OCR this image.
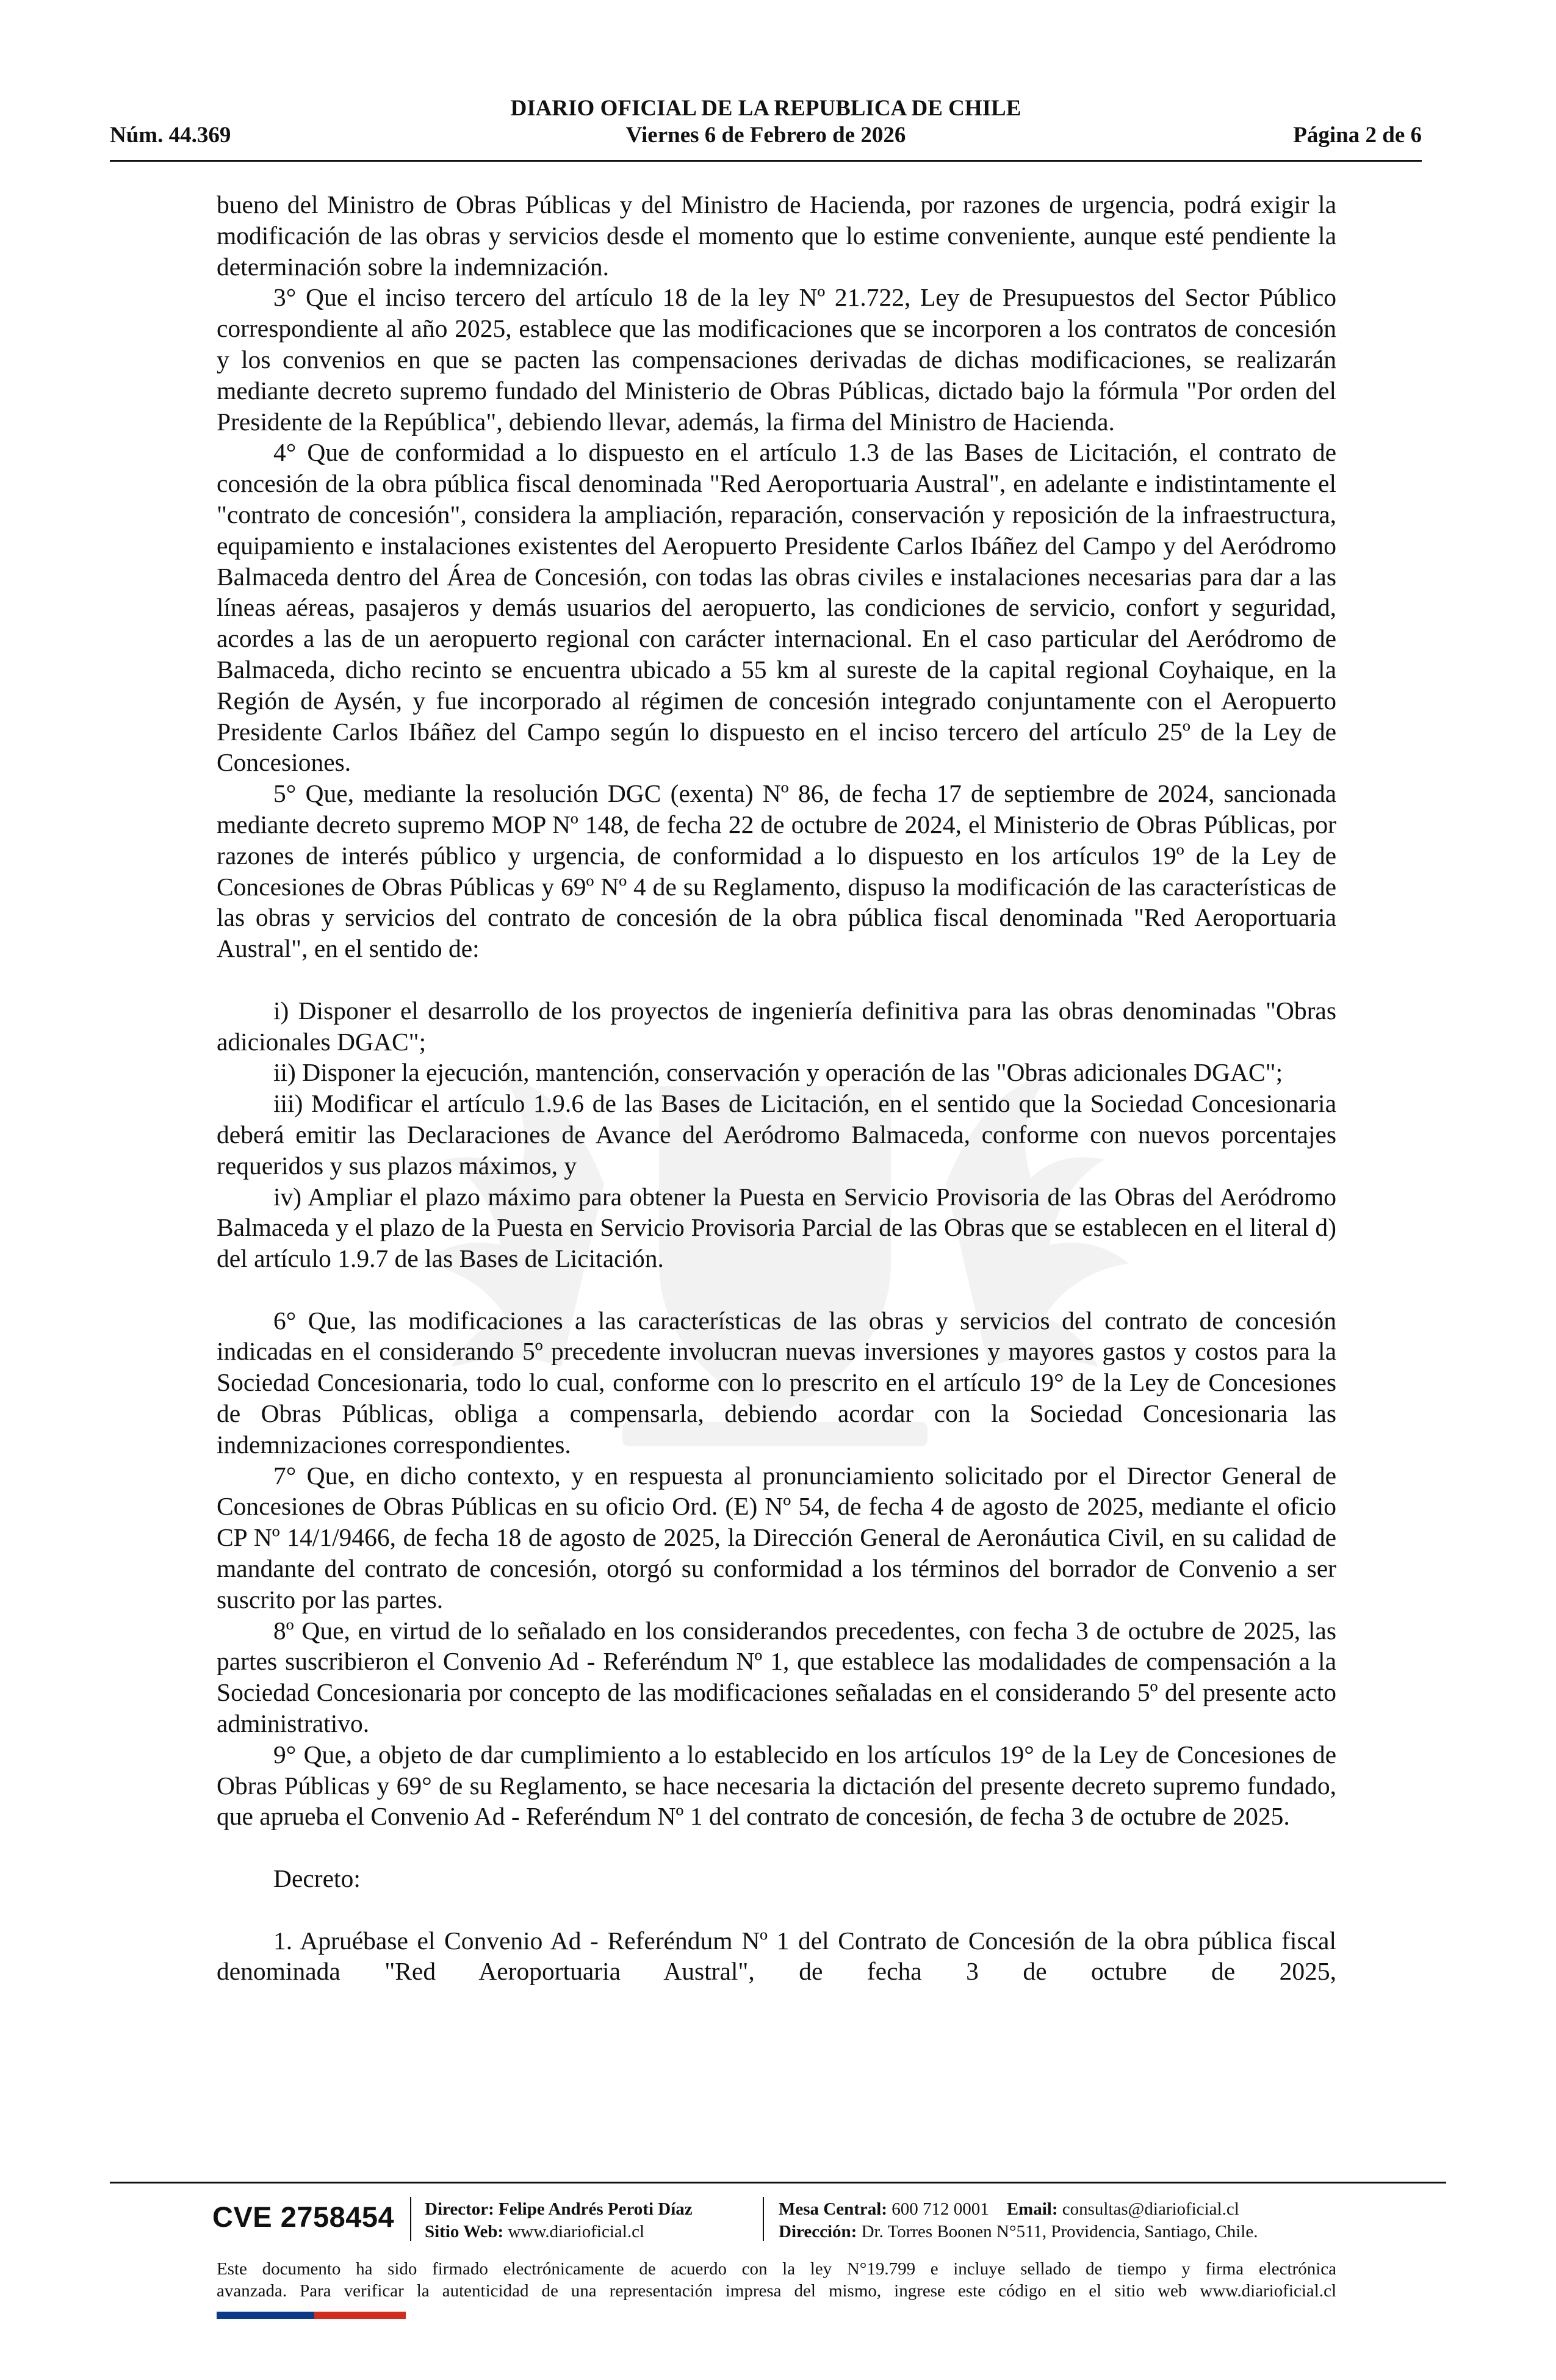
DIARIO OFICIAL DE LA REPUBLICA DE CHILE
Núm. 44.369	Viernes 6 de Febrero de 2026	Página 2 de 6

bueno del Ministro de Obras Públicas y del Ministro de Hacienda, por razones de urgencia, podrá exigir la modificación de las obras y servicios desde el momento que lo estime conveniente, aunque esté pendiente la determinación sobre la indemnización.

3° Que el inciso tercero del artículo 18 de la ley Nº 21.722, Ley de Presupuestos del Sector Público correspondiente al año 2025, establece que las modificaciones que se incorporen a los contratos de concesión y los convenios en que se pacten las compensaciones derivadas de dichas modificaciones, se realizarán mediante decreto supremo fundado del Ministerio de Obras Públicas, dictado bajo la fórmula "Por orden del Presidente de la República", debiendo llevar, además, la firma del Ministro de Hacienda.

4° Que de conformidad a lo dispuesto en el artículo 1.3 de las Bases de Licitación, el contrato de concesión de la obra pública fiscal denominada "Red Aeroportuaria Austral", en adelante e indistintamente el "contrato de concesión", considera la ampliación, reparación, conservación y reposición de la infraestructura, equipamiento e instalaciones existentes del Aeropuerto Presidente Carlos Ibáñez del Campo y del Aeródromo Balmaceda dentro del Área de Concesión, con todas las obras civiles e instalaciones necesarias para dar a las líneas aéreas, pasajeros y demás usuarios del aeropuerto, las condiciones de servicio, confort y seguridad, acordes a las de un aeropuerto regional con carácter internacional. En el caso particular del Aeródromo de Balmaceda, dicho recinto se encuentra ubicado a 55 km al sureste de la capital regional Coyhaique, en la Región de Aysén, y fue incorporado al régimen de concesión integrado conjuntamente con el Aeropuerto Presidente Carlos Ibáñez del Campo según lo dispuesto en el inciso tercero del artículo 25º de la Ley de Concesiones.

5° Que, mediante la resolución DGC (exenta) Nº 86, de fecha 17 de septiembre de 2024, sancionada mediante decreto supremo MOP Nº 148, de fecha 22 de octubre de 2024, el Ministerio de Obras Públicas, por razones de interés público y urgencia, de conformidad a lo dispuesto en los artículos 19º de la Ley de Concesiones de Obras Públicas y 69º Nº 4 de su Reglamento, dispuso la modificación de las características de las obras y servicios del contrato de concesión de la obra pública fiscal denominada "Red Aeroportuaria Austral", en el sentido de:

i) Disponer el desarrollo de los proyectos de ingeniería definitiva para las obras denominadas "Obras adicionales DGAC";

ii) Disponer la ejecución, mantención, conservación y operación de las "Obras adicionales DGAC";

iii) Modificar el artículo 1.9.6 de las Bases de Licitación, en el sentido que la Sociedad Concesionaria deberá emitir las Declaraciones de Avance del Aeródromo Balmaceda, conforme con nuevos porcentajes requeridos y sus plazos máximos, y

iv) Ampliar el plazo máximo para obtener la Puesta en Servicio Provisoria de las Obras del Aeródromo Balmaceda y el plazo de la Puesta en Servicio Provisoria Parcial de las Obras que se establecen en el literal d) del artículo 1.9.7 de las Bases de Licitación.

6° Que, las modificaciones a las características de las obras y servicios del contrato de concesión indicadas en el considerando 5º precedente involucran nuevas inversiones y mayores gastos y costos para la Sociedad Concesionaria, todo lo cual, conforme con lo prescrito en el artículo 19° de la Ley de Concesiones de Obras Públicas, obliga a compensarla, debiendo acordar con la Sociedad Concesionaria las indemnizaciones correspondientes.

7° Que, en dicho contexto, y en respuesta al pronunciamiento solicitado por el Director General de Concesiones de Obras Públicas en su oficio Ord. (E) Nº 54, de fecha 4 de agosto de 2025, mediante el oficio CP Nº 14/1/9466, de fecha 18 de agosto de 2025, la Dirección General de Aeronáutica Civil, en su calidad de mandante del contrato de concesión, otorgó su conformidad a los términos del borrador de Convenio a ser suscrito por las partes.

8º Que, en virtud de lo señalado en los considerandos precedentes, con fecha 3 de octubre de 2025, las partes suscribieron el Convenio Ad - Referéndum Nº 1, que establece las modalidades de compensación a la Sociedad Concesionaria por concepto de las modificaciones señaladas en el considerando 5º del presente acto administrativo.

9° Que, a objeto de dar cumplimiento a lo establecido en los artículos 19° de la Ley de Concesiones de Obras Públicas y 69° de su Reglamento, se hace necesaria la dictación del presente decreto supremo fundado, que aprueba el Convenio Ad - Referéndum Nº 1 del contrato de concesión, de fecha 3 de octubre de 2025.

Decreto:

1. Apruébase el Convenio Ad - Referéndum Nº 1 del Contrato de Concesión de la obra pública fiscal denominada "Red Aeroportuaria Austral", de fecha 3 de octubre de 2025,

CVE 2758454 Director: Felipe Andrés Peroti Díaz
Sitio Web: www.diarioficial.cl
Mesa Central: 600 712 0001 Email: consultas@diarioficial.cl
Dirección: Dr. Torres Boonen N°511, Providencia, Santiago, Chile.
Este documento ha sido firmado electrónicamente de acuerdo con la ley N°19.799 e incluye sellado de tiempo y firma electrónica
avanzada. Para verificar la autenticidad de una representación impresa del mismo, ingrese este código en el sitio web www.diarioficial.cl
